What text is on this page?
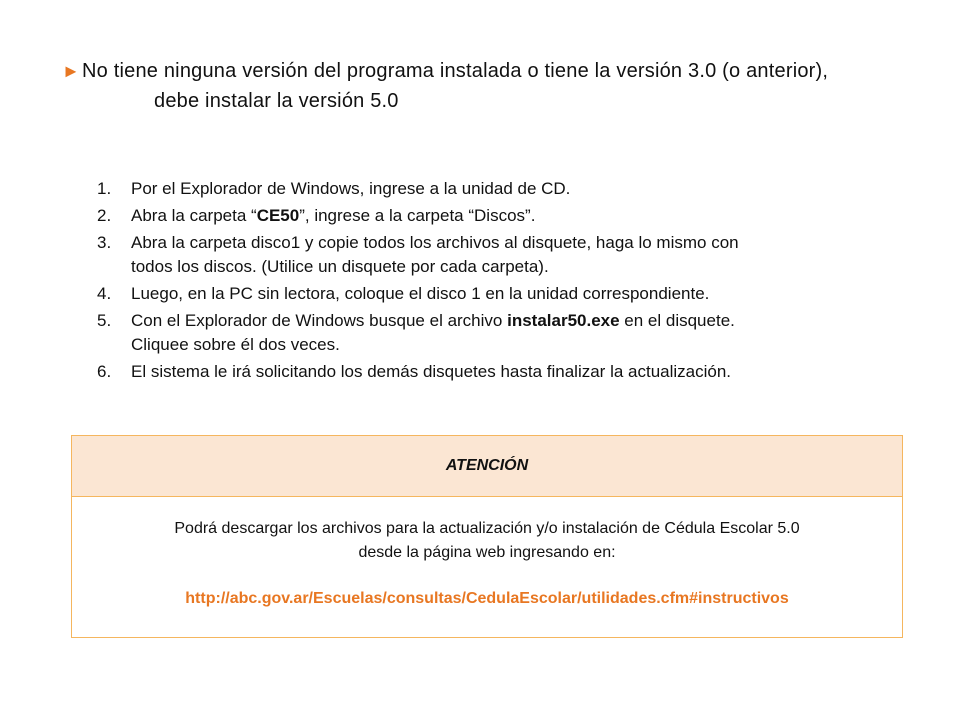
► No tiene ninguna versión del programa instalada o tiene la versión 3.0 (o anterior),
debe instalar la versión 5.0
1. Por el Explorador de Windows, ingrese a la unidad de CD.
2. Abra la carpeta “CE50”, ingrese a la carpeta “Discos”.
3. Abra la carpeta disco1 y copie todos los archivos al disquete, haga lo mismo con
todos los discos. (Utilice un disquete por cada carpeta).
4. Luego, en la PC sin lectora, coloque el disco 1 en la unidad correspondiente.
5. Con el Explorador de Windows busque el archivo instalar50.exe en el disquete.
Cliquee sobre él dos veces.
6. El sistema le irá solicitando los demás disquetes hasta finalizar la actualización.
ATENCIÓN
Podrá descargar los archivos para la actualización y/o instalación de Cédula Escolar 5.0
desde la página web ingresando en:
http://abc.gov.ar/Escuelas/consultas/CedulaEscolar/utilidades.cfm#instructivos
